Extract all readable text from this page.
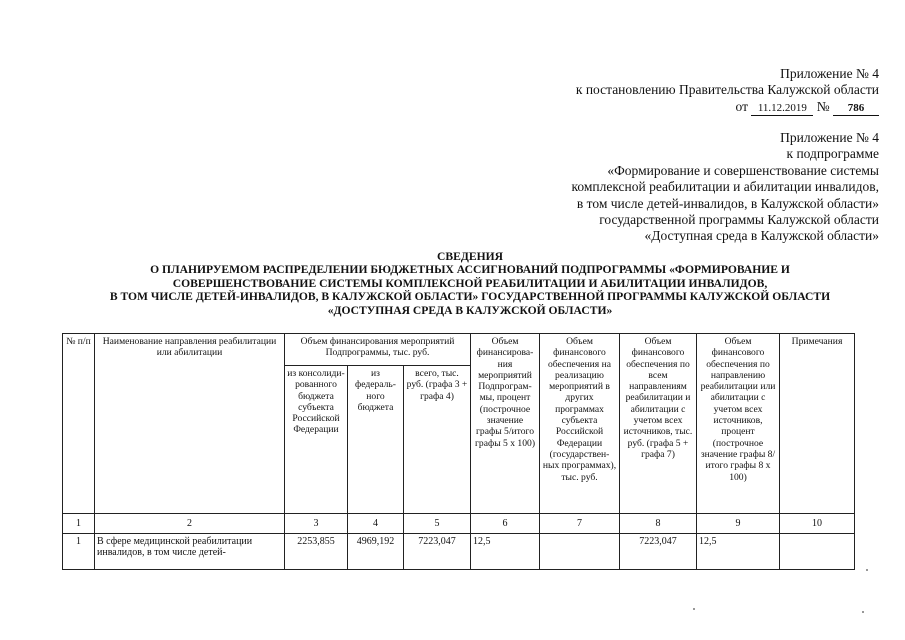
Приложение № 4
к постановлению Правительства Калужской области
от 11.12.2019 № 786
Приложение № 4
к подпрограмме
«Формирование и совершенствование системы
комплексной реабилитации и абилитации инвалидов,
в том числе детей-инвалидов, в Калужской области»
государственной программы Калужской области
«Доступная среда в Калужской области»
СВЕДЕНИЯ
О ПЛАНИРУЕМОМ РАСПРЕДЕЛЕНИИ БЮДЖЕТНЫХ АССИГНОВАНИЙ ПОДПРОГРАММЫ «ФОРМИРОВАНИЕ И
СОВЕРШЕНСТВОВАНИЕ СИСТЕМЫ КОМПЛЕКСНОЙ РЕАБИЛИТАЦИИ И АБИЛИТАЦИИ ИНВАЛИДОВ,
В ТОМ ЧИСЛЕ ДЕТЕЙ-ИНВАЛИДОВ, В КАЛУЖСКОЙ ОБЛАСТИ» ГОСУДАРСТВЕННОЙ ПРОГРАММЫ КАЛУЖСКОЙ ОБЛАСТИ
«ДОСТУПНАЯ СРЕДА В КАЛУЖСКОЙ ОБЛАСТИ»
№ п/п	Наименование направления реабилитации или абилитации	Объем финансирования мероприятий Подпрограммы, тыс. руб.			Объем финансирова- ния мероприятий Подпрограм- мы, процент (построчное значение графы 5/итого графы 5 x 100)	Объем финансового обеспечения на реализацию мероприятий в других программах субъекта Российской Федерации (государствен- ных программах), тыс. руб.	Объем финансового обеспечения по всем направлениям реабилитации и абилитации с учетом всех источников, тыс. руб. (графа 5 + графа 7)	Объем финансового обеспечения по направлению реабилитации или абилитации с учетом всех источников, процент (построчное значение графы 8/итого графы 8 x 100)	Примечания
		из консолиди- рованного бюджета субъекта Российской Федерации	из федераль- ного бюджета	всего, тыс. руб. (графа 3 + графа 4)					
1	2	3	4	5	6	7	8	9	10
1	В сфере медицинской реабилитации инвалидов, в том числе детей-	2253,855	4969,192	7223,047	12,5		7223,047	12,5	
